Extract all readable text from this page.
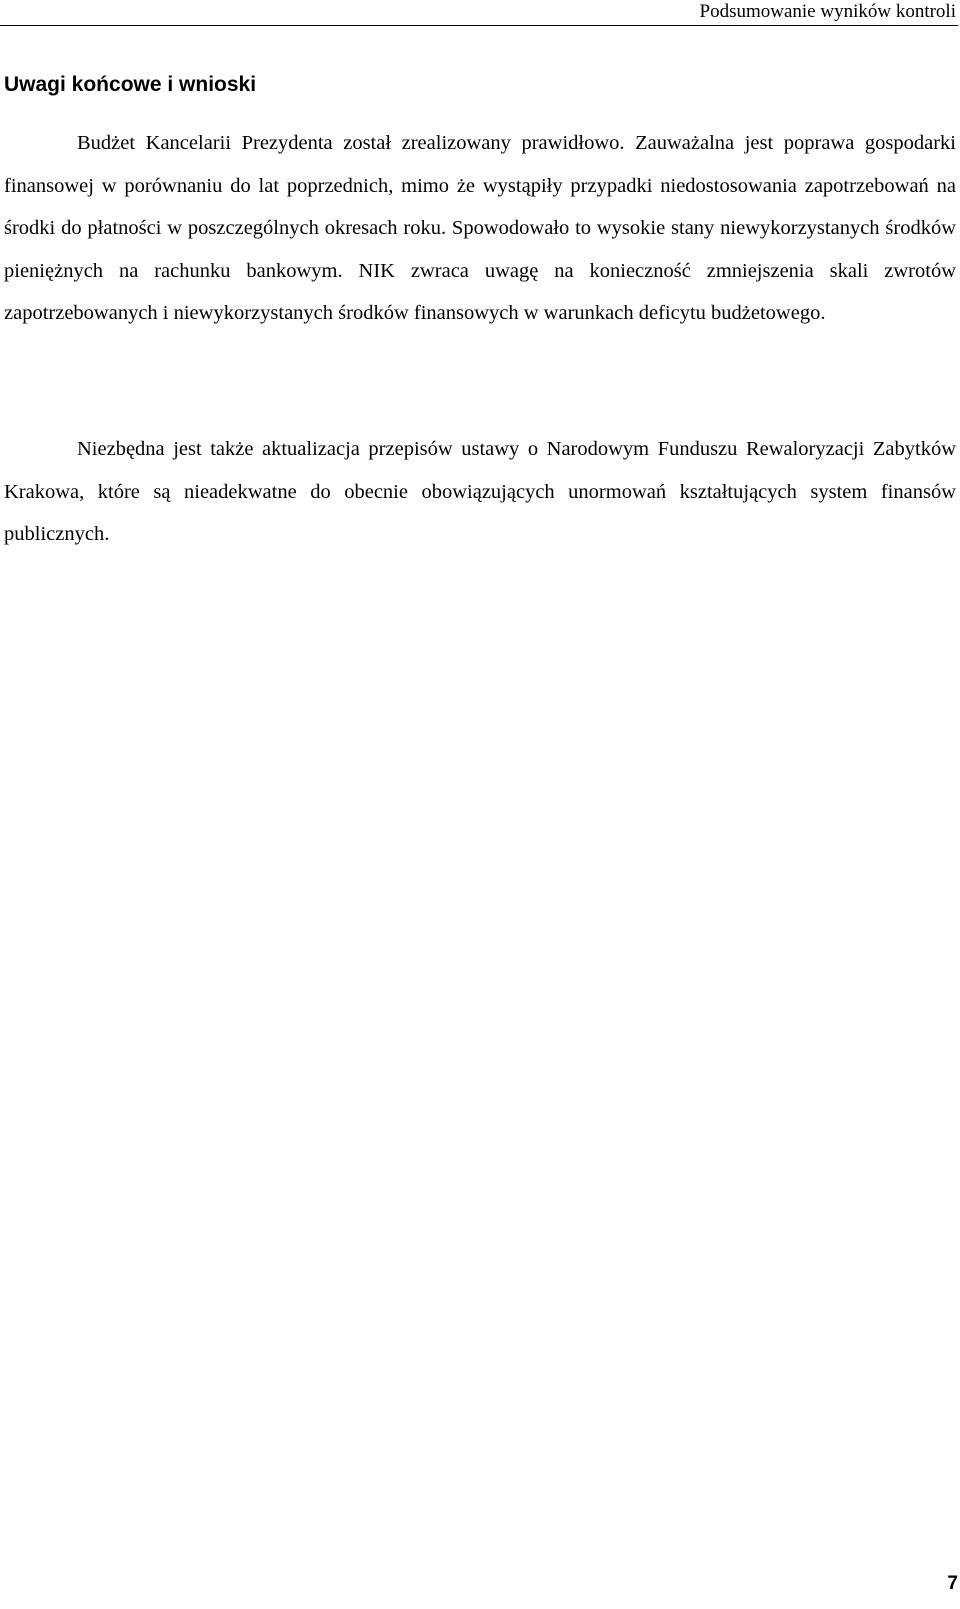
Podsumowanie wyników kontroli
Uwagi końcowe i wnioski

Budżet Kancelarii Prezydenta został zrealizowany prawidłowo. Zauważalna jest poprawa gospodarki finansowej w porównaniu do lat poprzednich, mimo że wystąpiły przypadki niedostosowania zapotrzebowań na środki do płatności w poszczególnych okresach roku. Spowodowało to wysokie stany niewykorzystanych środków pieniężnych na rachunku bankowym. NIK zwraca uwagę na konieczność zmniejszenia skali zwrotów zapotrzebowanych i niewykorzystanych środków finansowych w warunkach deficytu budżetowego.

Niezbędna jest także aktualizacja przepisów ustawy o Narodowym Funduszu Rewaloryzacji Zabytków Krakowa, które są nieadekwatne do obecnie obowiązujących unormowań kształtujących system finansów publicznych.

7
